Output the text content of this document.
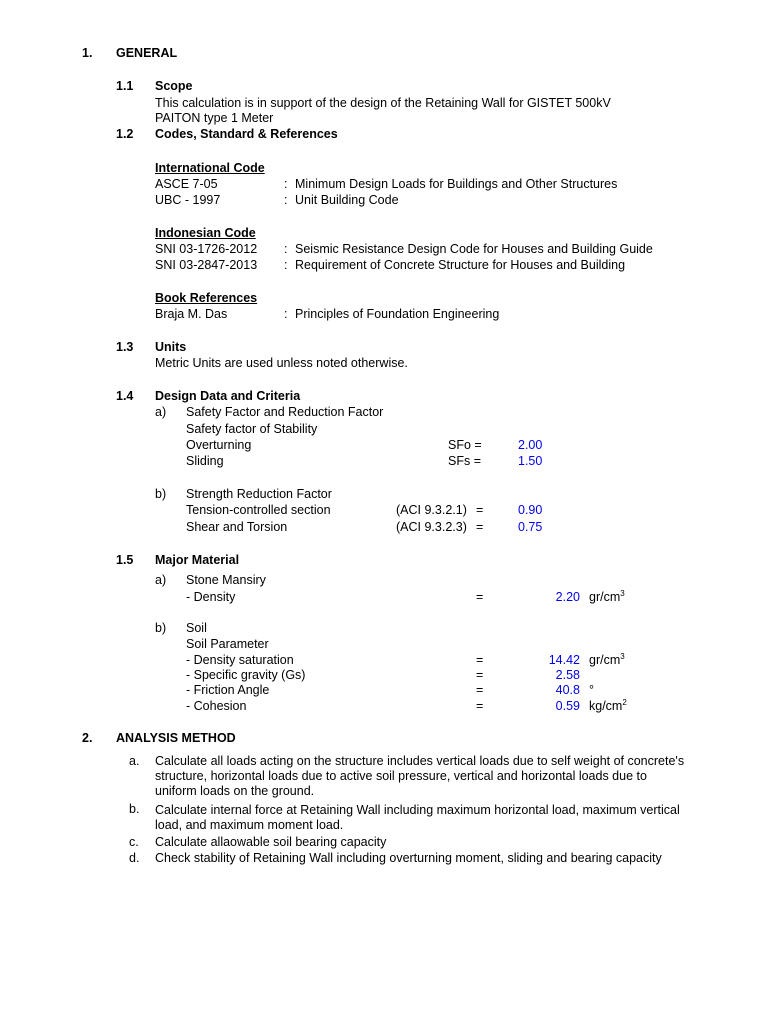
1. GENERAL
1.1 Scope
This calculation is in support of the design of the Retaining Wall for GISTET 500kV
PAITON type 1 Meter
1.2 Codes, Standard & References
International Code
ASCE 7-05	: Minimum Design Loads for Buildings and Other Structures
UBC - 1997	: Unit Building Code
Indonesian Code
SNI 03-1726-2012 : Seismic Resistance Design Code for Houses and Building Guide
SNI 03-2847-2013 : Requirement of Concrete Structure for Houses and Building
Book References
Braja M. Das	: Principles of Foundation Engineering
1.3 Units
Metric Units are used unless noted otherwise.
1.4 Design Data and Criteria
a) Safety Factor and Reduction Factor
Safety factor of Stability
Overturning	SFo =	2.00
Sliding	SFs =	1.50
b) Strength Reduction Factor
Tension-controlled section	(ACI 9.3.2.1) =	0.90
Shear and Torsion	(ACI 9.3.2.3) =	0.75
1.5 Major Material
a) Stone Mansiry
- Density	=	2.20 $gr/cm^3$
b) Soil
Soil Parameter
- Density saturation	=	14.42 $gr/cm^3$
- Specific gravity (Gs)	=	2.58
- Friction Angle	=	40.8 °
- Cohesion	=	0.59 $kg/cm^2$
2. ANALYSIS METHOD
a. Calculate all loads acting on the structure includes vertical loads due to self weight of concrete's
structure, horizontal loads due to active soil pressure, vertical and horizontal loads due to
uniform loads on the ground.
b. Calculate internal force at Retaining Wall including maximum horizontal load, maximum vertical
load, and maximum moment load.
c. Calculate allaowable soil bearing capacity
d. Check stability of Retaining Wall including overturning moment, sliding and bearing capacity
